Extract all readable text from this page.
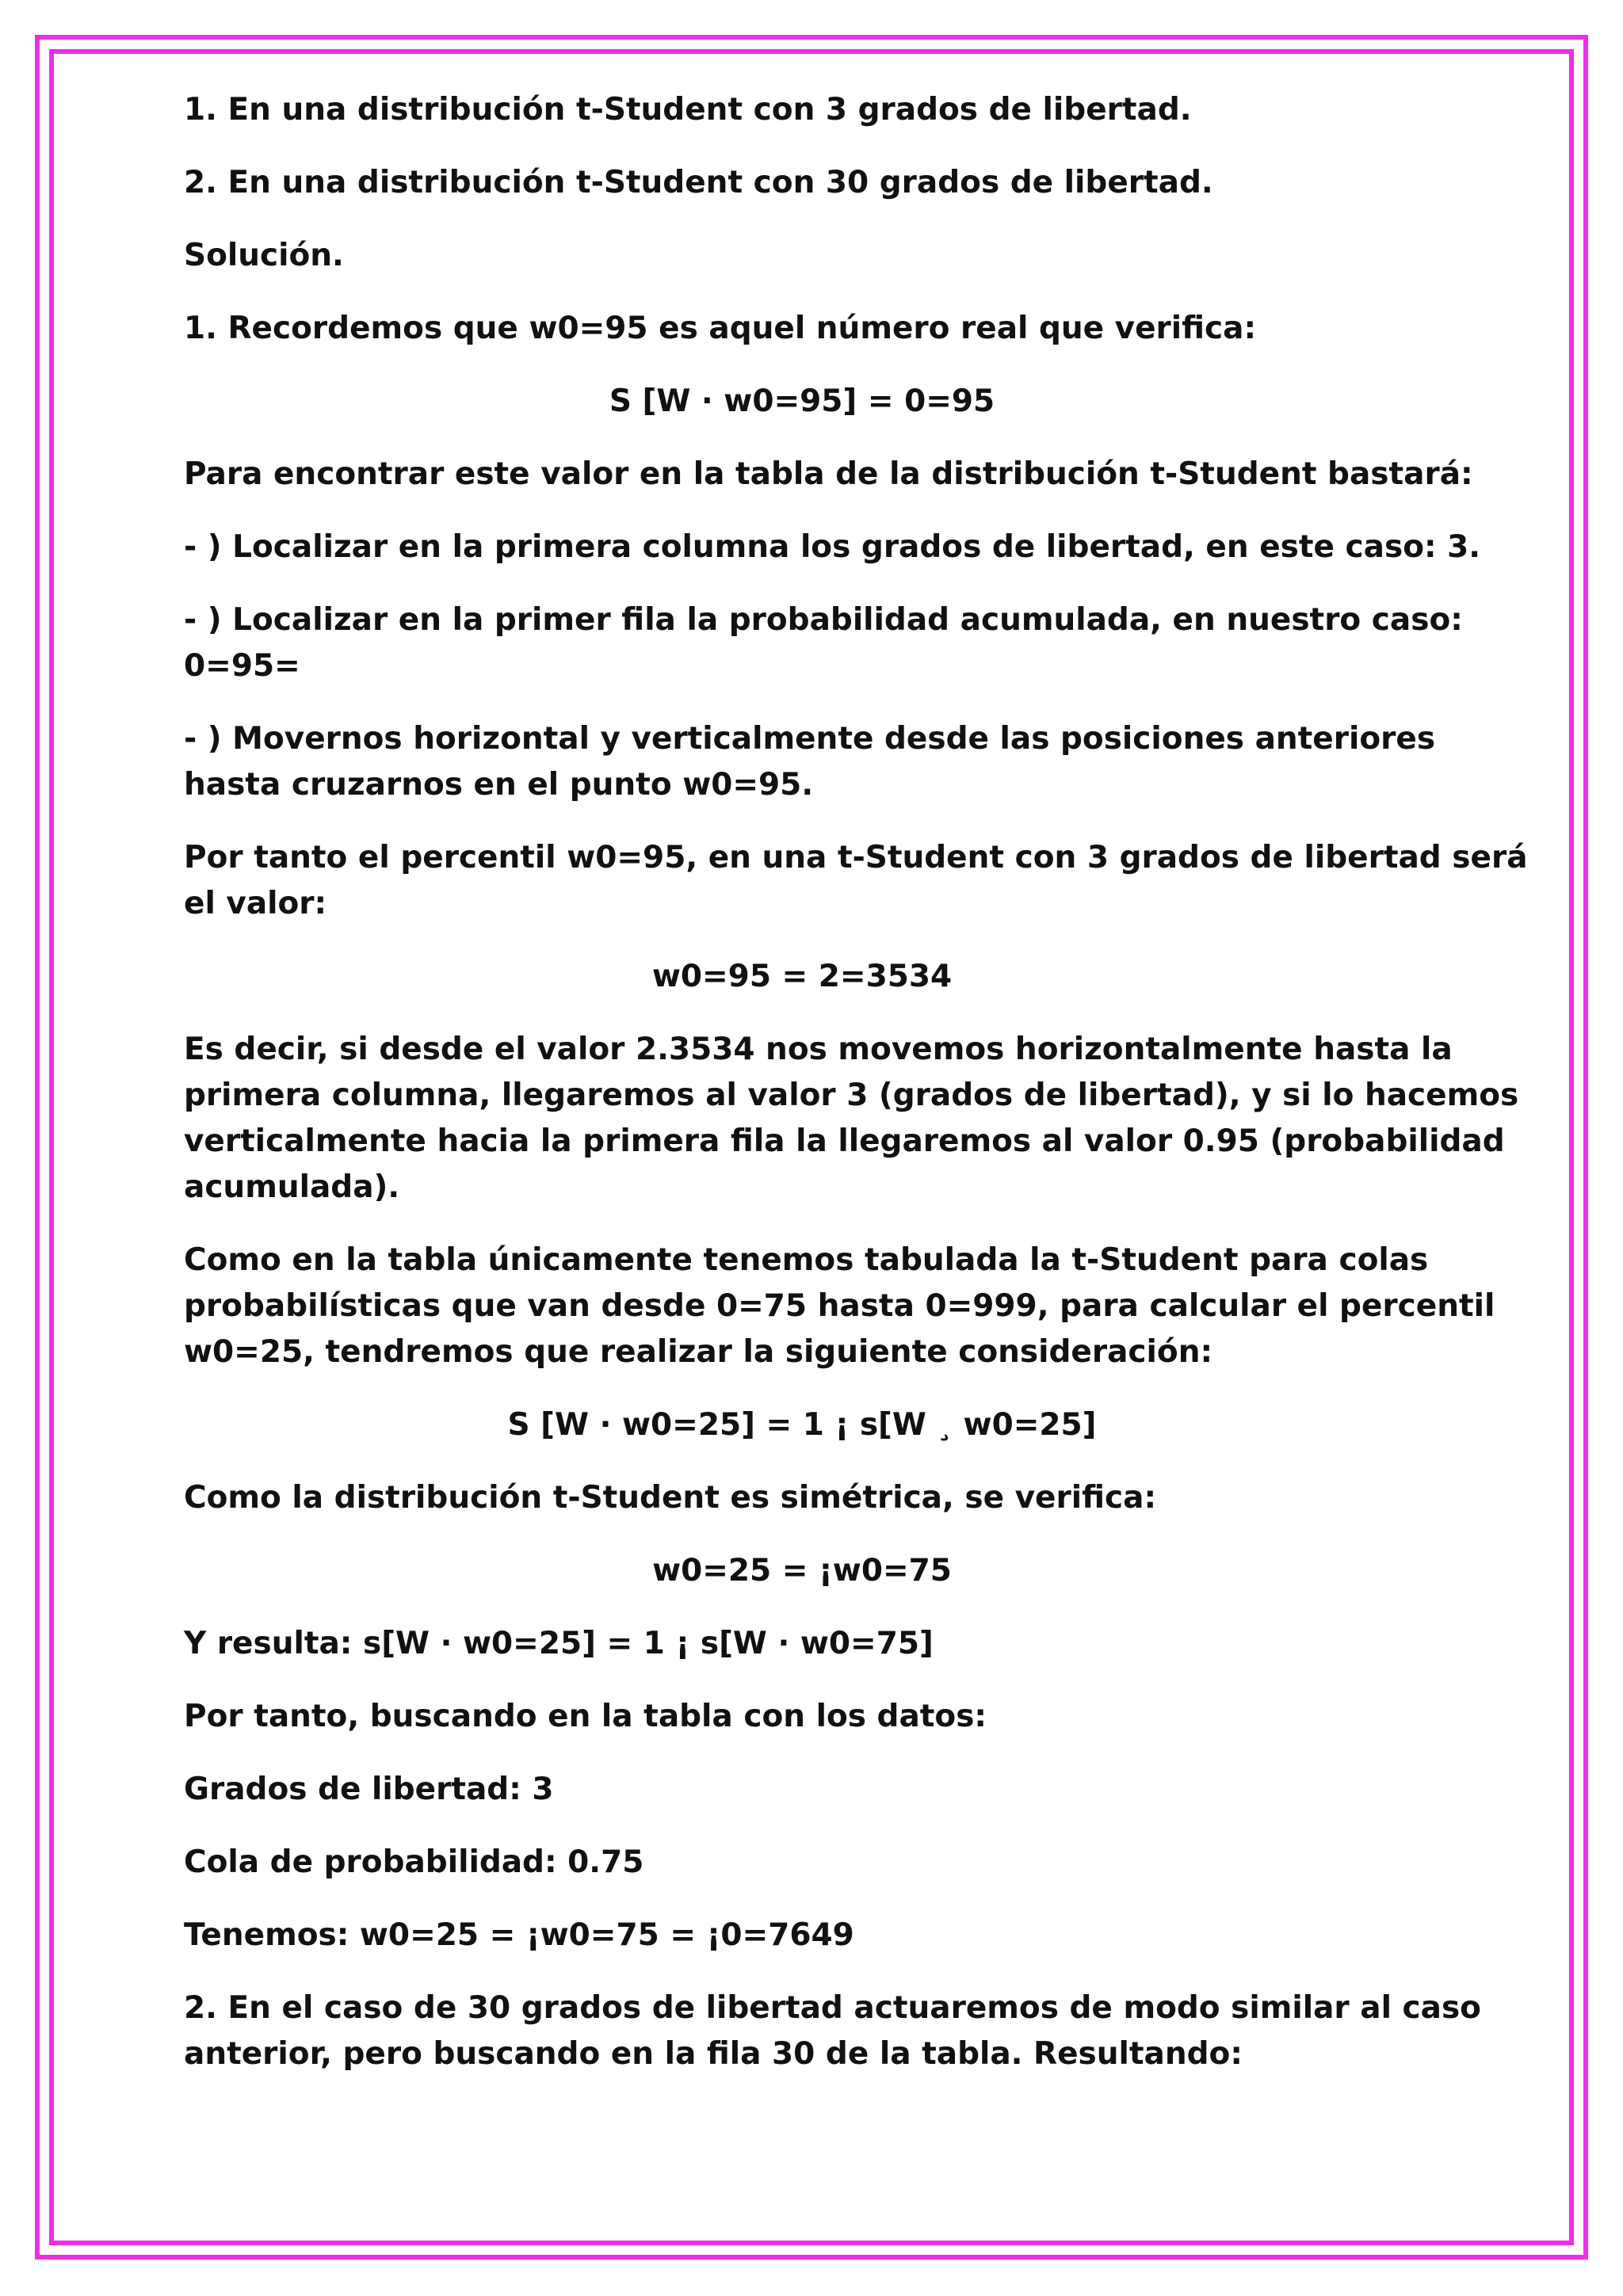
1. En una distribución t-Student con 3 grados de libertad.
2. En una distribución t-Student con 30 grados de libertad.
Solución.
1. Recordemos que w0=95 es aquel número real que verifica:
S [W · w0=95] = 0=95
Para encontrar este valor en la tabla de la distribución t-Student bastará:
- ) Localizar en la primera columna los grados de libertad, en este caso: 3.
- ) Localizar en la primer fila la probabilidad acumulada, en nuestro caso:
0=95=
- ) Movernos horizontal y verticalmente desde las posiciones anteriores
hasta cruzarnos en el punto w0=95.
Por tanto el percentil w0=95, en una t-Student con 3 grados de libertad será
el valor:
w0=95 = 2=3534
Es decir, si desde el valor 2.3534 nos movemos horizontalmente hasta la
primera columna, llegaremos al valor 3 (grados de libertad), y si lo hacemos
verticalmente hacia la primera fila la llegaremos al valor 0.95 (probabilidad
acumulada).
Como en la tabla únicamente tenemos tabulada la t-Student para colas
probabilísticas que van desde 0=75 hasta 0=999, para calcular el percentil
w0=25, tendremos que realizar la siguiente consideración:
S [W · w0=25] = 1 ¡ s[W ¸ w0=25]
Como la distribución t-Student es simétrica, se verifica:
w0=25 = ¡w0=75
Y resulta: s[W · w0=25] = 1 ¡ s[W · w0=75]
Por tanto, buscando en la tabla con los datos:
Grados de libertad: 3
Cola de probabilidad: 0.75
Tenemos: w0=25 = ¡w0=75 = ¡0=7649
2. En el caso de 30 grados de libertad actuaremos de modo similar al caso
anterior, pero buscando en la fila 30 de la tabla. Resultando:
